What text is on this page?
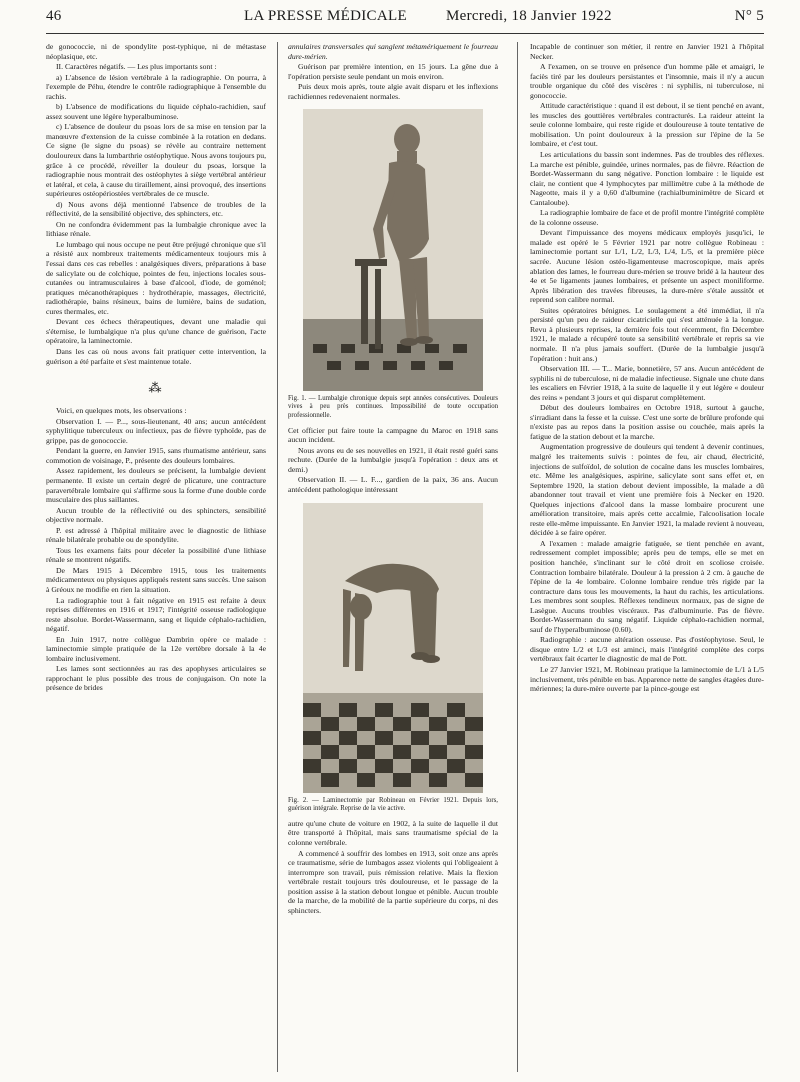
46	LA PRESSE MÉDICALE	Mercredi, 18 Janvier 1922	N° 5

de gonococcie, ni de spondylite post-typhique, ni de métastase néoplasique, etc.

II. Caractères négatifs. — Les plus importants sont :

a) L'absence de lésion vertébrale à la radiographie. On pourra, à l'exemple de Péhu, étendre le contrôle radiographique à l'ensemble du rachis.

b) L'absence de modifications du liquide céphalo-rachidien, sauf assez souvent une légère hyperalbuminose.

c) L'absence de douleur du psoas lors de sa mise en tension par la manœuvre d'extension de la cuisse combinée à la rotation en dedans. Ce signe (le signe du psoas) se révèle au contraire nettement douloureux dans la lumbarthrie ostéophytique. Nous avons toujours pu, grâce à ce procédé, réveiller la douleur du psoas, lorsque la radiographie nous montrait des ostéophytes à siège vertébral antérieur et latéral, et cela, à cause du tiraillement, ainsi provoqué, des insertions supérieures ostéopériostées vertébrales de ce muscle.

d) Nous avons déjà mentionné l'absence de troubles de la réflectivité, de la sensibilité objective, des sphincters, etc.

On ne confondra évidemment pas la lumbalgie chronique avec la lithiase rénale.

Le lumbago qui nous occupe ne peut être préjugé chronique que s'il a résisté aux nombreux traitements médicamenteux toujours mis à l'essai dans ces cas rebelles : analgésiques divers, préparations à base de salicylate ou de colchique, pointes de feu, injections locales sous-cutanées ou intramusculaires à base d'alcool, d'iode, de goménol; pratiques mécanothérapiques : hydrothérapie, massages, électricité, radiothérapie, bains résineux, bains de lumière, bains de sudation, cures thermales, etc.

Devant ces échecs thérapeutiques, devant une maladie qui s'éternise, le lumbalgique n'a plus qu'une chance de guérison, l'acte opératoire, la laminectomie.

Dans les cas où nous avons fait pratiquer cette intervention, la guérison a été parfaite et s'est maintenue totale.

⁂

Voici, en quelques mots, les observations :

Observation I. — P..., sous-lieutenant, 40 ans; aucun antécédent syphylitique tuberculeux ou infectieux, pas de fièvre typhoïde, pas de grippe, pas de gonococcie.

Pendant la guerre, en Janvier 1915, sans rhumatisme antérieur, sans commotion de voisinage, P., présente des douleurs lombaires.

Assez rapidement, les douleurs se précisent, la lumbalgie devient permanente. Il existe un certain degré de plicature, une contracture paravertébrale lombaire qui s'affirme sous la forme d'une double corde musculaire des plus saillantes.

Aucun trouble de la réflectivité ou des sphincters, sensibilité objective normale.

P. est adressé à l'hôpital militaire avec le diagnostic de lithiase rénale bilatérale probable ou de spondylite.

Tous les examens faits pour déceler la possibilité d'une lithiase rénale se montrent négatifs.

De Mars 1915 à Décembre 1915, tous les traitements médicamenteux ou physiques appliqués restent sans succès. Une saison à Gréoux ne modifie en rien la situation.

La radiographie tout à fait négative en 1915 est refaite à deux reprises différentes en 1916 et 1917; l'intégrité osseuse radiologique reste absolue. Bordet-Wassermann, sang et liquide céphalo-rachidien, négatif.

En Juin 1917, notre collègue Dambrin opère ce malade : laminectomie simple pratiquée de la 12e vertèbre dorsale à la 4e lombaire inclusivement.

Les lames sont sectionnées au ras des apophyses articulaires se rapprochant le plus possible des trous de conjugaison. On note la présence de brides

annulaires transversales qui sanglent métamériquement le fourreau dure-mérien.

Guérison par première intention, en 15 jours. La gêne due à l'opération persiste seule pendant un mois environ.

Puis deux mois après, toute algie avait disparu et les inflexions rachidiennes redevenaient normales.

Fig. 1. — Lumbalgie chronique depuis sept années consécutives. Douleurs vives à peu près continues. Impossibilité de toute occupation professionnelle.

Cet officier put faire toute la campagne du Maroc en 1918 sans aucun incident.

Nous avons eu de ses nouvelles en 1921, il était resté guéri sans rechute. (Durée de la lumbalgie jusqu'à l'opération : deux ans et demi.)

Observation II. — L. F..., gardien de la paix, 36 ans. Aucun antécédent pathologique intéressant

Fig. 2. — Laminectomie par Robineau en Février 1921. Depuis lors, guérison intégrale. Reprise de la vie active.

autre qu'une chute de voiture en 1902, à la suite de laquelle il dut être transporté à l'hôpital, mais sans traumatisme spécial de la colonne vertébrale.

A commencé à souffrir des lombes en 1913, soit onze ans après ce traumatisme, série de lumbagos assez violents qui l'obligeaient à interrompre son travail, puis rémission relative. Mais la flexion vertébrale restait toujours très douloureuse, et le passage de la position assise à la station debout longue et pénible. Aucun trouble de la marche, de la mobilité de la partie supérieure du corps, ni des sphincters.

Incapable de continuer son métier, il rentre en Janvier 1921 à l'hôpital Necker.

A l'examen, on se trouve en présence d'un homme pâle et amaigri, le faciès tiré par les douleurs persistantes et l'insomnie, mais il n'y a aucun trouble organique du côté des viscères : ni syphilis, ni tuberculose, ni gonococcie.

Attitude caractéristique : quand il est debout, il se tient penché en avant, les muscles des gouttières vertébrales contracturés. La raideur atteint la seule colonne lombaire, qui reste rigide et douloureuse à toute tentative de mobilisation. Un point douloureux à la pression sur l'épine de la 5e lombaire, et c'est tout.

Les articulations du bassin sont indemnes. Pas de troubles des réflexes. La marche est pénible, guindée, urines normales, pas de fièvre. Réaction de Bordet-Wassermann du sang négative. Ponction lombaire : le liquide est clair, ne contient que 4 lymphocytes par millimètre cube à la méthode de Nageotte, mais il y a 0,60 d'albumine (rachialbuminimètre de Sicard et Cantaloube).

La radiographie lombaire de face et de profil montre l'intégrité complète de la colonne osseuse.

Devant l'impuissance des moyens médicaux employés jusqu'ici, le malade est opéré le 5 Février 1921 par notre collègue Robineau : laminectomie portant sur L/1, L/2, L/3, L/4, L/5, et la première pièce sacrée. Aucune lésion ostéo-ligamenteuse macroscopique, mais après ablation des lames, le fourreau dure-mérien se trouve bridé à la hauteur des 4e et 5e ligaments jaunes lombaires, et présente un aspect moniliforme. Après libération des travées fibreuses, la dure-mère s'étale aussitôt et reprend son calibre normal.

Suites opératoires bénignes. Le soulagement a été immédiat, il n'a persisté qu'un peu de raideur cicatricielle qui s'est atténuée à la longue. Revu à plusieurs reprises, la dernière fois tout récemment, fin Décembre 1921, le malade a récupéré toute sa sensibilité vertébrale et repris sa vie normale. Il n'a plus jamais souffert. (Durée de la lumbalgie jusqu'à l'opération : huit ans.)

Observation III. — T... Marie, bonnetière, 57 ans. Aucun antécédent de syphilis ni de tuberculose, ni de maladie infectieuse. Signale une chute dans les escaliers en Février 1918, à la suite de laquelle il y eut légère « douleur des reins » pendant 3 jours et qui disparut complètement.

Début des douleurs lombaires en Octobre 1918, surtout à gauche, s'irradiant dans la fesse et la cuisse. C'est une sorte de brûlure profonde qui n'existe pas au repos dans la position assise ou couchée, mais après la fatigue de la station debout et la marche.

Augmentation progressive de douleurs qui tendent à devenir continues, malgré les traitements suivis : pointes de feu, air chaud, électricité, injections de sulfoïdol, de solution de cocaïne dans les muscles lombaires, etc. Même les analgésiques, aspirine, salicylate sont sans effet et, en Septembre 1920, la station debout devient impossible, la malade a dû abandonner tout travail et vient une première fois à Necker en 1920. Quelques injections d'alcool dans la masse lombaire procurent une amélioration transitoire, mais après cette accalmie, l'alcoolisation locale reste elle-même impuissante. En Janvier 1921, la malade revient à nouveau, décidée à se faire opérer.

A l'examen : malade amaigrie fatiguée, se tient penchée en avant, redressement complet impossible; après peu de temps, elle se met en position hanchée, s'inclinant sur le côté droit en scoliose croisée. Contraction lombaire bilatérale. Douleur à la pression à 2 cm. à gauche de l'épine de la 4e lombaire. Colonne lombaire rendue très rigide par la contracture dans tous les mouvements, la haut du rachis, les articulations. Les membres sont souples. Réflexes tendineux normaux, pas de signe de Lasègue. Aucuns troubles viscéraux. Pas d'albuminurie. Pas de fièvre. Bordet-Wassermann du sang négatif. Liquide céphalo-rachidien normal, sauf de l'hyperalbuminose (0.60).

Radiographie : aucune altération osseuse. Pas d'ostéophytose. Seul, le disque entre L/2 et L/3 est aminci, mais l'intégrité complète des corps vertébraux fait écarter le diagnostic de mal de Pott.

Le 27 Janvier 1921, M. Robineau pratique la laminectomie de L/1 à L/5 inclusivement, très pénible en bas. Apparence nette de sangles étagées dure-mériennes; la dure-mère ouverte par la pince-gouge est
